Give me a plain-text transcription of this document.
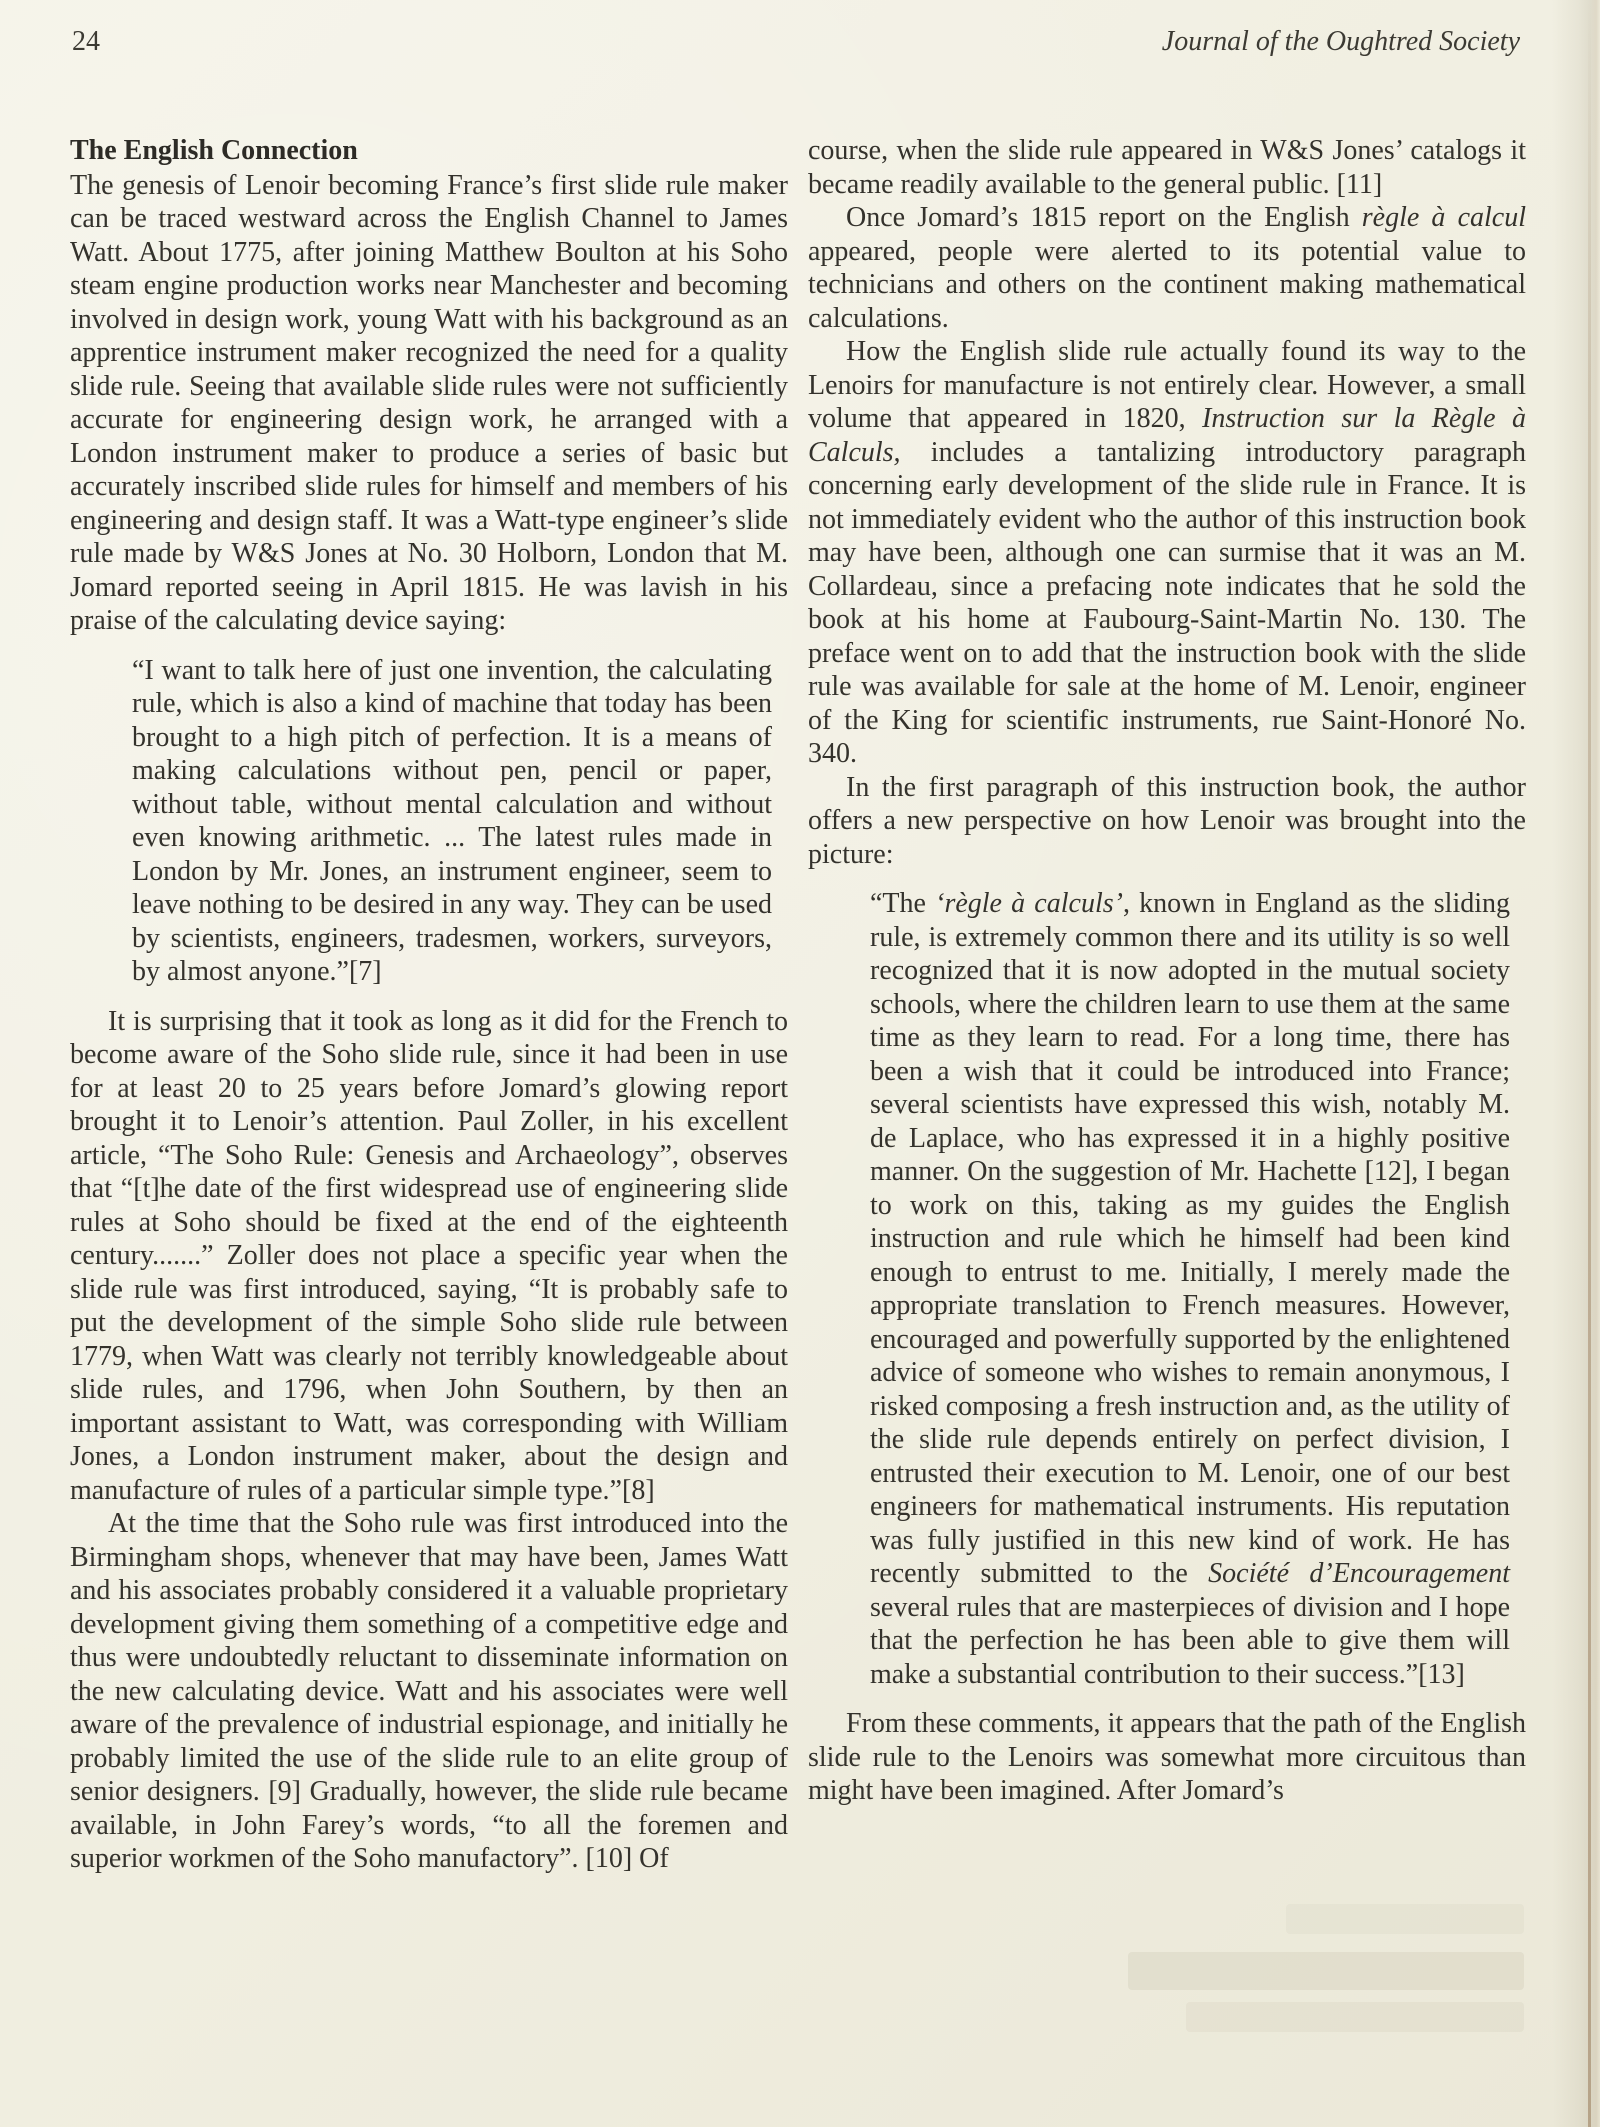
24	Journal of the Oughtred Society
The English Connection

The genesis of Lenoir becoming France’s first slide rule maker can be traced westward across the English Channel to James Watt. About 1775, after joining Matthew Boulton at his Soho steam engine production works near Manchester and becoming involved in design work, young Watt with his background as an apprentice instrument maker recognized the need for a quality slide rule. Seeing that available slide rules were not sufficiently accurate for engineering design work, he arranged with a London instrument maker to produce a series of basic but accurately inscribed slide rules for himself and members of his engineering and design staff. It was a Watt-type engineer’s slide rule made by W&S Jones at No. 30 Holborn, London that M. Jomard reported seeing in April 1815. He was lavish in his praise of the calculating device saying:

“I want to talk here of just one invention, the calculating rule, which is also a kind of machine that today has been brought to a high pitch of perfection. It is a means of making calculations without pen, pencil or paper, without table, without mental calculation and without even knowing arithmetic. ... The latest rules made in London by Mr. Jones, an instrument engineer, seem to leave nothing to be desired in any way. They can be used by scientists, engineers, tradesmen, workers, surveyors, by almost anyone.”[7]

It is surprising that it took as long as it did for the French to become aware of the Soho slide rule, since it had been in use for at least 20 to 25 years before Jomard’s glowing report brought it to Lenoir’s attention. Paul Zoller, in his excellent article, “The Soho Rule: Genesis and Archaeology”, observes that “[t]he date of the first widespread use of engineering slide rules at Soho should be fixed at the end of the eighteenth century.......” Zoller does not place a specific year when the slide rule was first introduced, saying, “It is probably safe to put the development of the simple Soho slide rule between 1779, when Watt was clearly not terribly knowledgeable about slide rules, and 1796, when John Southern, by then an important assistant to Watt, was corresponding with William Jones, a London instrument maker, about the design and manufacture of rules of a particular simple type.”[8]

At the time that the Soho rule was first introduced into the Birmingham shops, whenever that may have been, James Watt and his associates probably considered it a valuable proprietary development giving them something of a competitive edge and thus were undoubtedly reluctant to disseminate information on the new calculating device. Watt and his associates were well aware of the prevalence of industrial espionage, and initially he probably limited the use of the slide rule to an elite group of senior designers. [9] Gradually, however, the slide rule became available, in John Farey’s words, “to all the foremen and superior workmen of the Soho manufactory”. [10] Of

course, when the slide rule appeared in W&S Jones’ catalogs it became readily available to the general public. [11]

Once Jomard’s 1815 report on the English règle à calcul appeared, people were alerted to its potential value to technicians and others on the continent making mathematical calculations.

How the English slide rule actually found its way to the Lenoirs for manufacture is not entirely clear. However, a small volume that appeared in 1820, Instruction sur la Règle à Calculs, includes a tantalizing introductory paragraph concerning early development of the slide rule in France. It is not immediately evident who the author of this instruction book may have been, although one can surmise that it was an M. Collardeau, since a prefacing note indicates that he sold the book at his home at Faubourg-Saint-Martin No. 130. The preface went on to add that the instruction book with the slide rule was available for sale at the home of M. Lenoir, engineer of the King for scientific instruments, rue Saint-Honoré No. 340.

In the first paragraph of this instruction book, the author offers a new perspective on how Lenoir was brought into the picture:

“The ‘règle à calculs’, known in England as the sliding rule, is extremely common there and its utility is so well recognized that it is now adopted in the mutual society schools, where the children learn to use them at the same time as they learn to read. For a long time, there has been a wish that it could be introduced into France; several scientists have expressed this wish, notably M. de Laplace, who has expressed it in a highly positive manner. On the suggestion of Mr. Hachette [12], I began to work on this, taking as my guides the English instruction and rule which he himself had been kind enough to entrust to me. Initially, I merely made the appropriate translation to French measures. However, encouraged and powerfully supported by the enlightened advice of someone who wishes to remain anonymous, I risked composing a fresh instruction and, as the utility of the slide rule depends entirely on perfect division, I entrusted their execution to M. Lenoir, one of our best engineers for mathematical instruments. His reputation was fully justified in this new kind of work. He has recently submitted to the Société d’Encouragement several rules that are masterpieces of division and I hope that the perfection he has been able to give them will make a substantial contribution to their success.”[13]

From these comments, it appears that the path of the English slide rule to the Lenoirs was somewhat more circuitous than might have been imagined. After Jomard’s
